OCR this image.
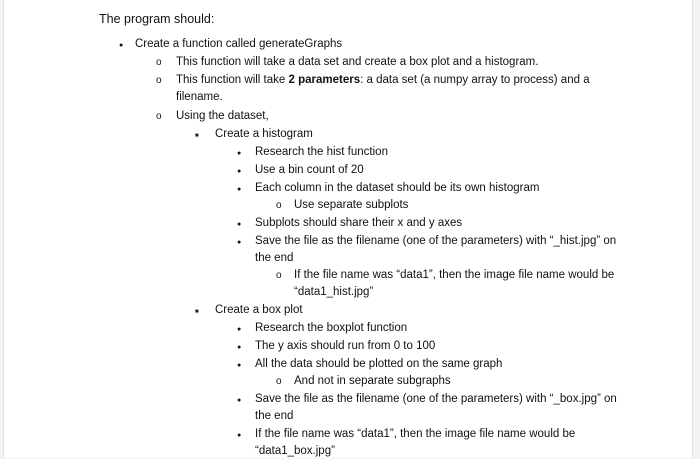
The program should:
●
Create a function called generateGraphs
o
This function will take a data set and create a box plot and a histogram.
o
This function will take 2 parameters: a data set (a numpy array to process) and a
filename.
o
Using the dataset,
■
Create a histogram
●
Research the hist function
●
Use a bin count of 20
●
Each column in the dataset should be its own histogram
o
Use separate subplots
●
Subplots should share their x and y axes
●
Save the file as the filename (one of the parameters) with “_hist.jpg” on
the end
o
If the file name was “data1”, then the image file name would be
“data1_hist.jpg”
■
Create a box plot
●
Research the boxplot function
●
The y axis should run from 0 to 100
●
All the data should be plotted on the same graph
o
And not in separate subgraphs
●
Save the file as the filename (one of the parameters) with “_box.jpg” on
the end
●
If the file name was “data1”, then the image file name would be
“data1_box.jpg”
